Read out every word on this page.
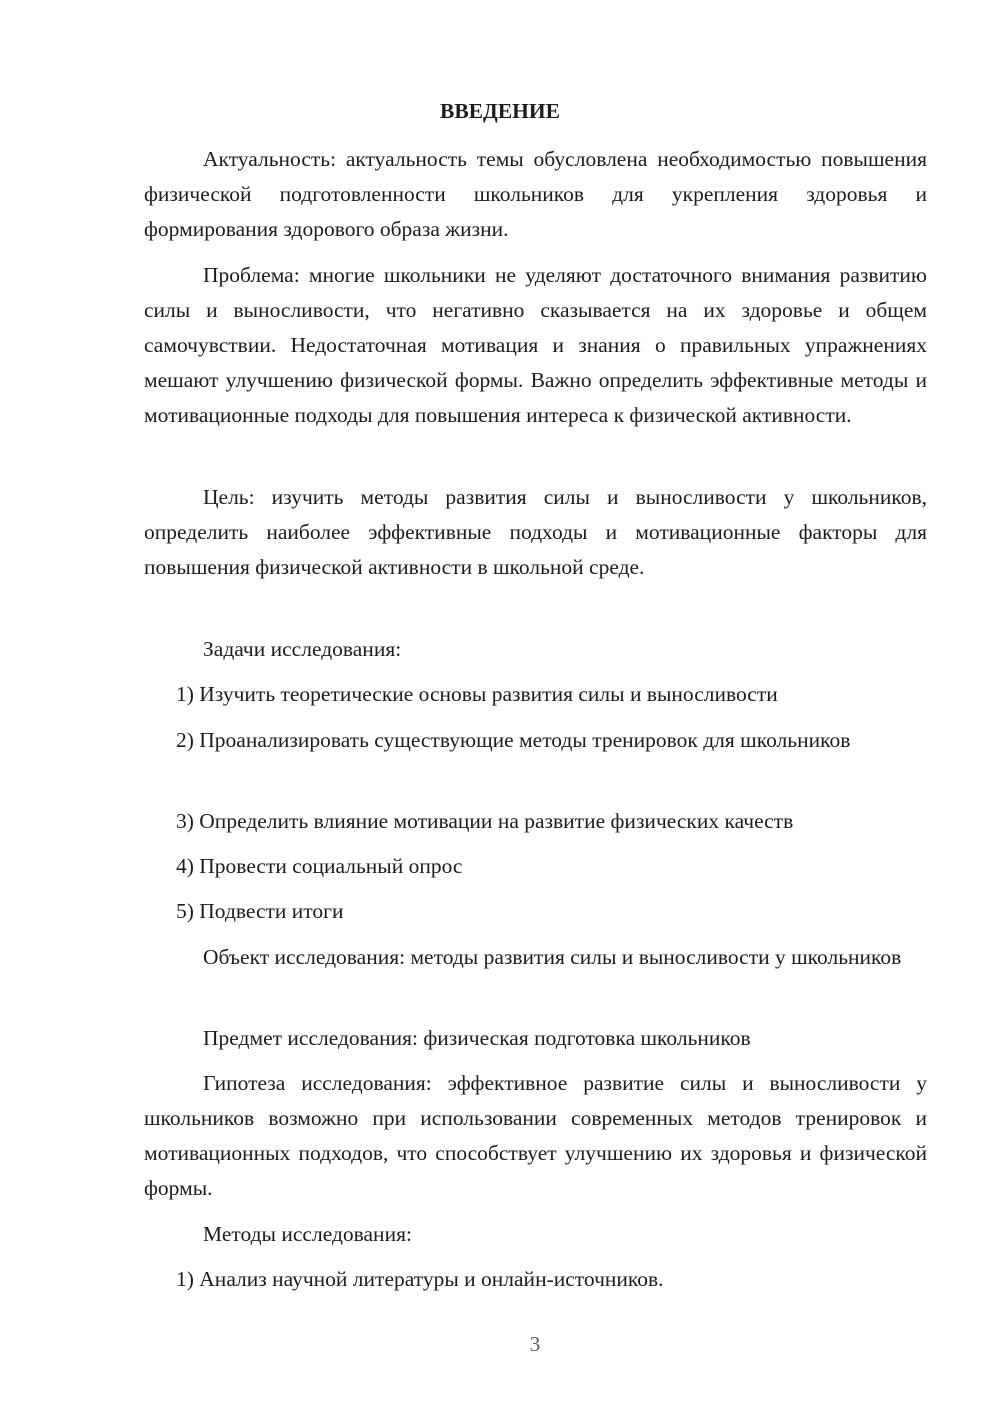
ВВЕДЕНИЕ

Актуальность: актуальность темы обусловлена необходимостью повышения физической подготовленности школьников для укрепления здоровья и формирования здорового образа жизни.

Проблема: многие школьники не уделяют достаточного внимания развитию силы и выносливости, что негативно сказывается на их здоровье и общем самочувствии. Недостаточная мотивация и знания о правильных упражнениях мешают улучшению физической формы. Важно определить эффективные методы и мотивационные подходы для повышения интереса к физической активности.

Цель: изучить методы развития силы и выносливости у школьников, определить наиболее эффективные подходы и мотивационные факторы для повышения физической активности в школьной среде.

Задачи исследования:

1) Изучить теоретические основы развития силы и выносливости

2) Проанализировать существующие методы тренировок для школьников

3) Определить влияние мотивации на развитие физических качеств

4) Провести социальный опрос

5) Подвести итоги

Объект исследования: методы развития силы и выносливости у школьников

Предмет исследования: физическая подготовка школьников

Гипотеза исследования: эффективное развитие силы и выносливости у школьников возможно при использовании современных методов тренировок и мотивационных подходов, что способствует улучшению их здоровья и физической формы.

Методы исследования:

1) Анализ научной литературы и онлайн-источников.

3
